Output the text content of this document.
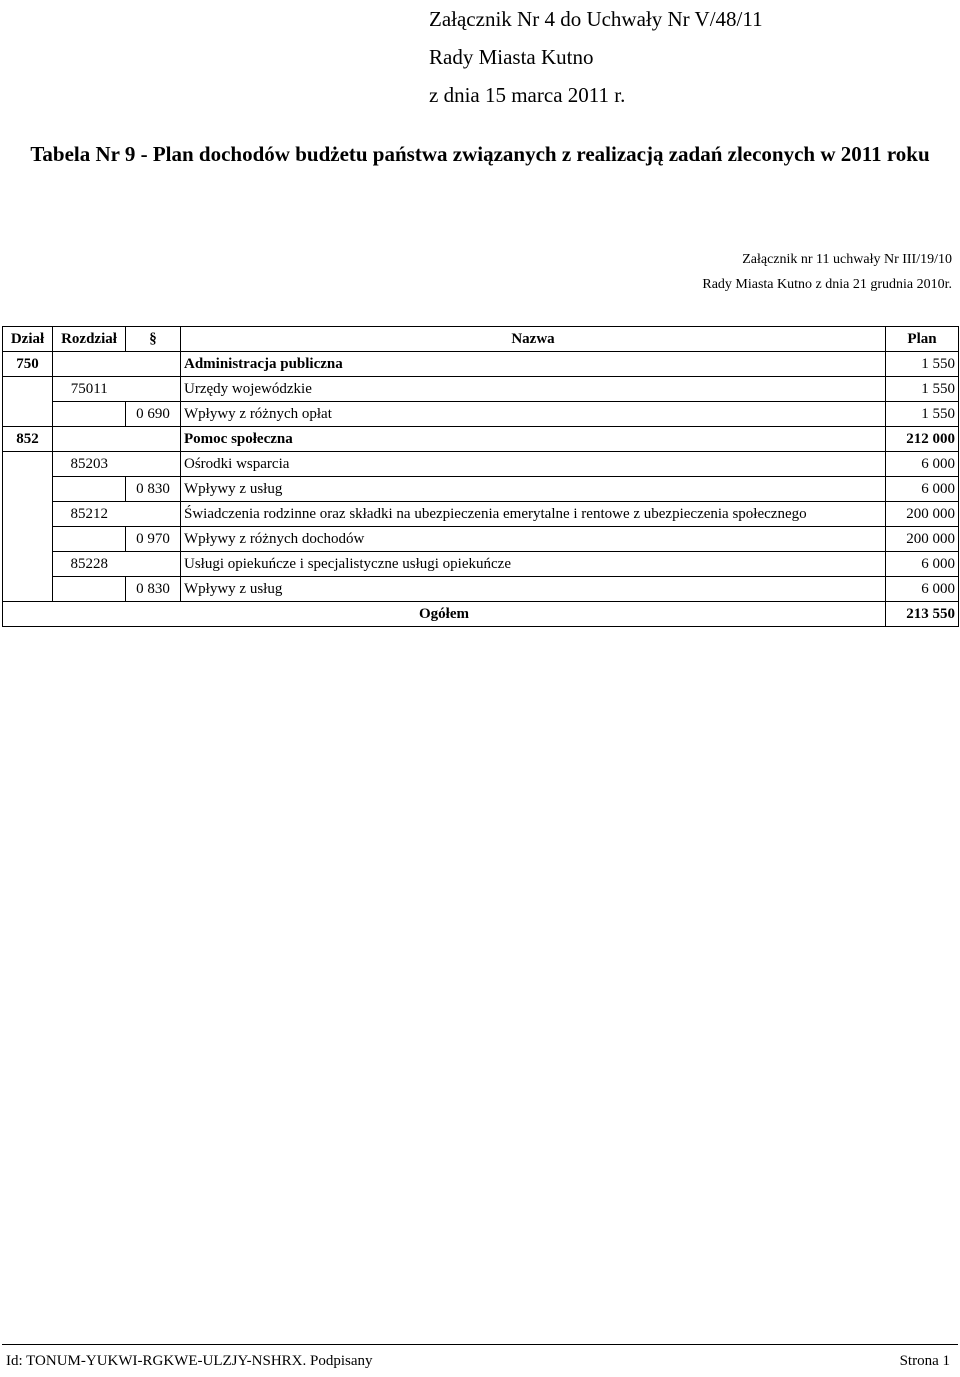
Załącznik Nr 4 do Uchwały Nr V/48/11
Rady Miasta Kutno
z dnia 15 marca 2011 r.
Tabela Nr 9 - Plan dochodów budżetu państwa związanych z realizacją zadań zleconych w 2011 roku
Załącznik nr 11 uchwały Nr III/19/10
Rady Miasta Kutno z dnia 21 grudnia 2010r.
Dział	Rozdział	§	Nazwa	Plan
750			Administracja publiczna	1 550
	75011		Urzędy wojewódzkie	1 550
		0 690	Wpływy z różnych opłat	1 550
852			Pomoc społeczna	212 000
	85203		Ośrodki wsparcia	6 000
		0 830	Wpływy z usług	6 000
	85212		Świadczenia rodzinne oraz składki na ubezpieczenia emerytalne i rentowe z ubezpieczenia społecznego	200 000
		0 970	Wpływy z różnych dochodów	200 000
	85228		Usługi opiekuńcze i specjalistyczne usługi opiekuńcze	6 000
		0 830	Wpływy z usług	6 000
Ogółem				213 550
Id: TONUM-YUKWI-RGKWE-ULZJY-NSHRX. Podpisany	Strona 1
